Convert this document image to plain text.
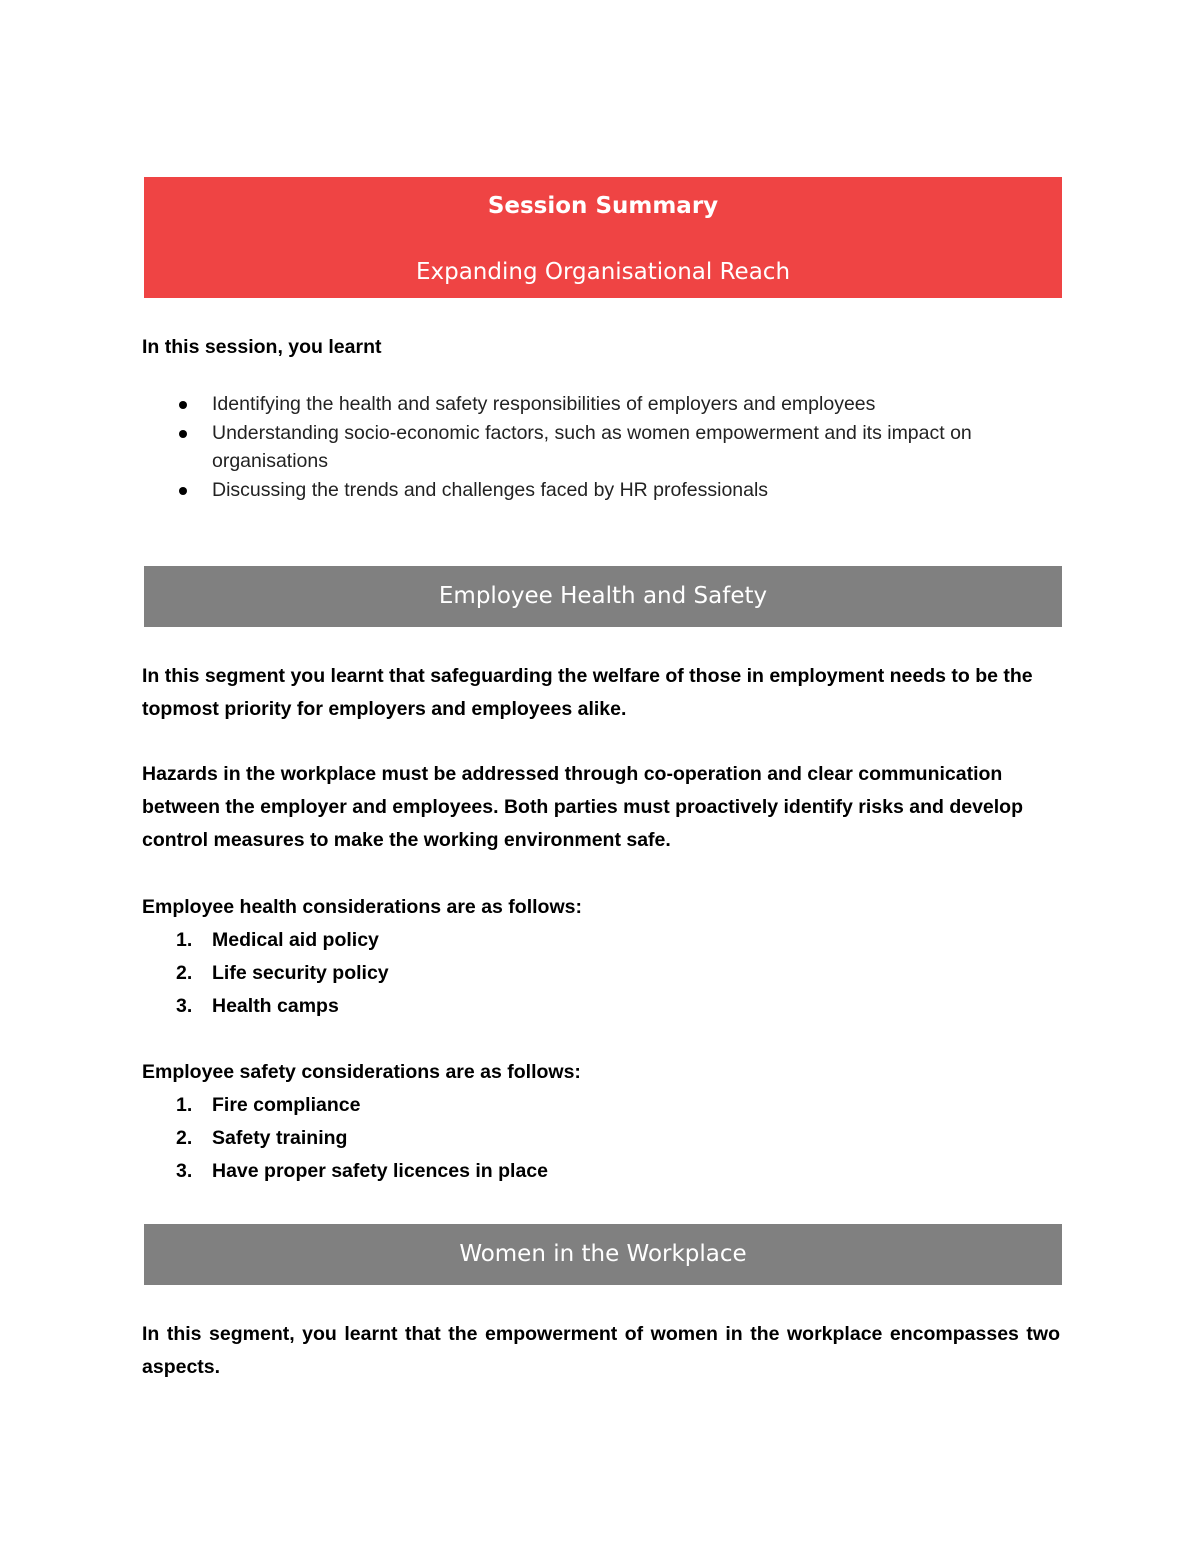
Session Summary
Expanding Organisational Reach
In this session, you learnt
Identifying the health and safety responsibilities of employers and employees
Understanding socio-economic factors, such as women empowerment and its impact on organisations
Discussing the trends and challenges faced by HR professionals
Employee Health and Safety
In this segment you learnt that safeguarding the welfare of those in employment needs to be the topmost priority for employers and employees alike.
Hazards in the workplace must be addressed through co-operation and clear communication between the employer and employees. Both parties must proactively identify risks and develop control measures to make the working environment safe.
Employee health considerations are as follows:
1. Medical aid policy
2. Life security policy
3. Health camps
Employee safety considerations are as follows:
1. Fire compliance
2. Safety training
3. Have proper safety licences in place
Women in the Workplace
In this segment, you learnt that the empowerment of women in the workplace encompasses two aspects.
